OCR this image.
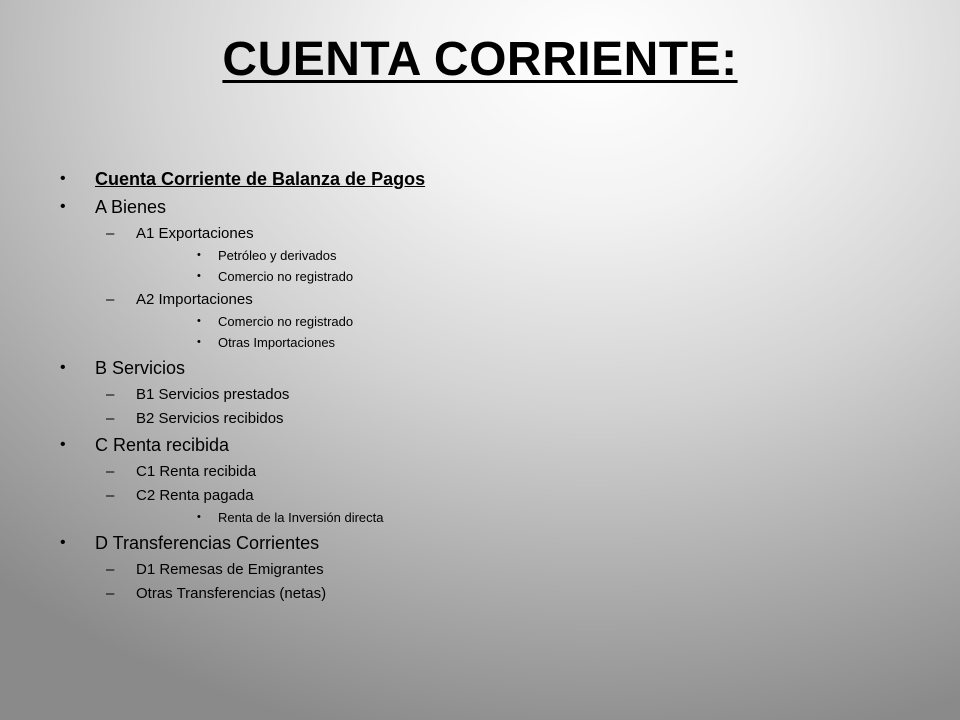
CUENTA CORRIENTE:
• Cuenta Corriente de Balanza de Pagos
• A Bienes
– A1 Exportaciones
• Petróleo y derivados
• Comercio no registrado
– A2 Importaciones
• Comercio no registrado
• Otras Importaciones
• B Servicios
– B1 Servicios prestados
– B2 Servicios recibidos
• C Renta recibida
– C1 Renta recibida
– C2 Renta pagada
• Renta de la Inversión directa
• D Transferencias Corrientes
– D1 Remesas de Emigrantes
– Otras Transferencias (netas)
